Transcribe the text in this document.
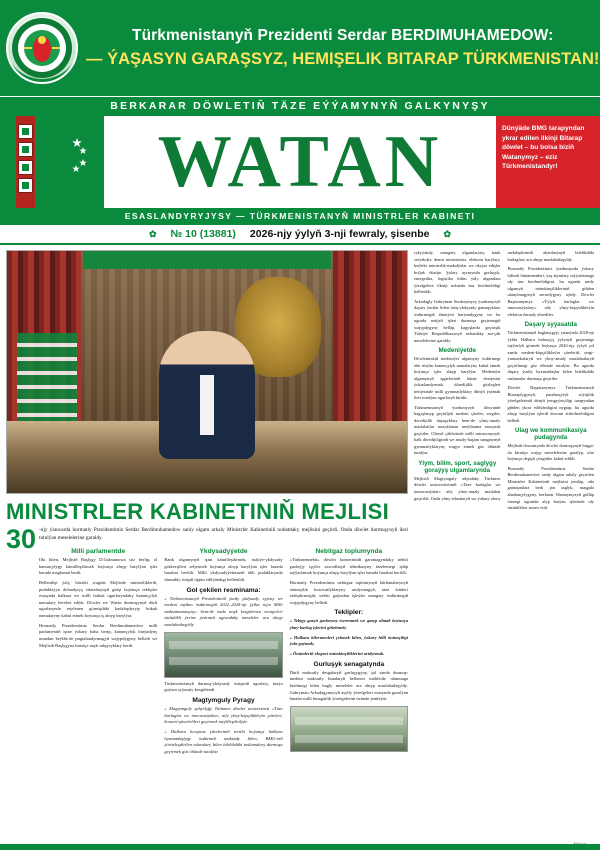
Türkmenistanyň Prezidenti Serdar BERDIMUHAMEDOW:
— ÝAŞASYN GARAŞSYZ, HEMIŞELIK BITARAP TÜRKMENISTAN!
BERKARAR DÖWLETIŇ TÄZE EÝÝAMYNYŇ GALKYNYŞY
WATAN	Dünýäde BMG tarapyndan ykrar edilen ilkinji Bitarap döwlet – bu bolsa biziň Watanymyz – eziz Türkmenistandyr!
ESASLANDYRYJYSY — TÜRKMENISTANYŇ MINISTRLER KABINETI
✿ № 10 (13881) 2026-njy ýylyň 3-nji fewraly, şisenbe ✿
MINISTRLER KABINETINIŇ MEJLISI
30 -njy ýanwarda hormatly Prezidentimiz Serdar Berdimuhamedow sanly ulgam arkaly Ministrler Kabinetiniň nobatdaky mejlisini geçirdi. Onda döwlet durmuşynyň ileri tutulýan meselelerine garaldy.
Milli parlamentde

Ilki bilen, Mejlisiň Başlygy D.Gulmanowa söz berlip, ol kanunçylygy kämilleşdirmek boýunça alnyp barylýan işler barada maglumat berdi.

Bellenilişi ýaly, häzirki wagtda Mejlisde ministrlikleriň, pudaklaýyn dolandyryş edaralarynyň girişi boýunça teklipler esasynda halkara we milli hukuk ugurlaryndaky kanunçylyk namalary hereket edýär. Döwlet we Watan durmuşynyň dürli ugurlarynda rejelenen görnüşdäki kadalaşdyryjy hukuk namalaryny kabul etmek boýunça iş alnyp barylýar.

Hormatly Prezidentimiz Serdar Berdimuhamedow milli parlamentiň işine ýokary baha berip, kanunçylyk binýadyny mundan beýläk-de pugtalandyrmagyň wajypdygyny belledi we Mejlisiň Başlygyna birnäçe anyk tabşyryklary berdi.

Ykdysadyýetde

Bank ulgamynyň işini kämilleşdirmek, maliýe-ykdysady görkezijileri seljermek boýunça alnyp barylýan işler barada hasabat berildi. Milli ykdysadyýetimiziň ähli pudaklarynda durnukly ösüşiň üpjün edilýändigi bellenildi.

Gol çekilen resminama:

« Türkmenistanyň Prezidentiniň ýurdy ykdysady, syýasy we medeni taýdan ösdürmegiň 2022–2028-nji ýyllar üçin Milli maksatnamasyny» hem-de onda anyk kesgitlenen wezipeleri üstünlikli ýerine ýetirmek ugrundaky meseleler ara alnyp maslahatlaşyldy.

Türkmenistanyň durmuş-ykdysady ösüşiniň ugurlary, maýa goýum syýasaty kesgitlendi.

Magtymguly Pyragy

« Magtymguly şahyrlyğy Türkmen döwlet uniwersiteti «Täze barlaglar we innowasiýalar» atly ylmy-köpçülikleýin çäreleri, konsert-şüweleňleri geçirmek meýilleşdirilýär.

« Halkara howpsuz çäreleriniň tertibi boýunça halkara hyzmatdaşlygy ösdürmek maksady bilen, BMG-niň ýöriteleşdirilen edaralary bilen bilelikdäki taslamalary durmuşa geçirmek göz öňünde tutulýar.

Nebitgaz toplumynda

«Türkmennebit» döwlet konserniniň garamagyndaky nebiti gazlaýjy işçiler zawodlaryň tehnikasyny täzelemegi işläp taýýarlamak boýunça alnyp barylýan işler barada hasabat berildi.

Hormatly Prezidentimiz nebitgaz toplumynyň kärhanalarynyň önümçilik kuwwatlyklaryny artdyrmagyň, täze känleri özleşdirmegiň, nebiti gaýtadan işleýän senagaty ösdürmegiň wajypdygyny belledi.

Teklipler:

« Tebigy gazyň gorlaryny öwrenmek we gazyp almak boýunça ylmy-barlag işlerini giňeltmek;

« Halkara bilermenleri çekmek bilen, ýokary hilli önümçiligi ýola goýmak;

« Önümleriň eksport mümkinçiliklerini artdyrmak.

Gurluşyk senagatynda

Dürli maksatly desgalaryň gurluşygyny, şol sanda durmuş-medeni maksatly binalaryň bellenen möhletde ulanmaga berilmegi bilen bagly meseleler ara alnyp maslahatlaşyldy. Gahryman Arkadagymyzyň asylly ýörelgeleri esasynda gurulýan binalar milli binagärlik ýörelgelerini özünde jemleýär.

rykyýakdy, senagaty ulgamlaryny, bank serýakdyr, demir ministrimiz, elektron barýlary, beýleki ministrlik-makalýalar we okyşar edişler boljak düzüje. Şolary ayrasynda gurluşyk, energetika, logistika bilim ýaly ulgamlara ýörelgelere ilkinji nobatda üns berilmelidigi bellenildi.

Arkadagly Gahryman Serdarymyzy ýurdumyzyň daşary ýurtlar bilen ösüş-ykdysady gatnaşyklary ösdürmegiň ähmiýeti barýandygyny we bu ugurda netijeli işleri durmuşa geçirmegiň wajypdygyny belläp, kagyşlarda geçirişik Türkiýe Respublikasynyň nobatdaky ara-çäk meselelerine garaldy.

Medeniýetde

Döwletimiziň medeniýet ulgamyny ösdürmegi öňe sürýän kanunçylyk namalaryny kabul etmek boýunça işler alnyp barylýar. Medeniýet ulgamynyň işgärleriniň hünär derejesini ýokarlandyrmak, döredijilik gözlegleri netijesinde milli gymmatlyklary dünýä ýaýmak ileri tutulýan ugurlaryň biridir.

Türkmenistanyň ýurdumyzyň döwrüniň bagyşlanyp geçiriljek medeni çäreler, sergiler, döredijilik duşuşyklary hem-de ylmy-amaly maslahatlar tassyklanan meýilnama esasynda geçiriler. Olaryň çäklerinde milli mirasymyzyň, halk döredijiliginiň we amaly-haşam sungatynyň gymmatlyklaryny wagyz etmek göz öňünde tutulýar.

Ylym, bilim, sport, saglygy goraýyş ulgamlarynda

Mejlisiň Magtymguly adyndaky Türkmen döwlet uniwersitetiniň «Täze barlaglar we innowasiýalar» atly ylmy-amaly maslahat geçirildi. Onda ylmy edaralaryň we ýokary okuw mekdepleriniň alymlarynyň bilelikdäki barlaglary ara alnyp maslahatlaşyldy.

Hormatly Prezidentimiz ýurdumyzda ýokary bilimli hünärmenleri, ýaş alymlary taýýarlamaga uly üns berilmelidigini, bu ugurda sanly ulgamyň mümkinçilikleriniň giňden ulanylmagynyň zerurdygyny aýtdy. Döwlet Baştutanymyz «Ýylyň barlaglar we innowasiýalary» atly ylmy-köpçülikleýin elektron žurnaly dörediler.

Daşary syýasatda

Türkmenistanyň baglanygyjy ynanýada 2028-nji ýylda Halkara habarçyş ýylynyň geçirmäge taýýarlyk görmek boýunça 2026-njy ýylyň şol sanda medeni-köpçülikleýin çäreleriň, sergi-ýarmarkalaryň we ylmy-amaly maslahatlaryň geçirilmegi göz öňünde tutulýar. Bu ugurda daşary ýurtly hyzmatdaşlar bilen bilelikdäki taslamalar durmuşa geçiriler.

Döwlet Baştutanymyz Türkmenistanyň Bitaraplygynyň, parahatçylyk söýüjilik ýörelgeleriniň dünýä jemgyýetçiligi tarapyndan giňden ykrar edilýändigini nygtap, bu ugurda alnyp barylýan işleriň dowam etdirilmelidigini belledi.

Ulag we kommunikasiýa pudagynda

Mejlisiň dowamynda döwlet durmuşynyň başga-da birnäçe wajyp meselelerine garalyp, olar boýunça degişli çözgütler kabul edildi.

Hormatly Prezidentimiz Serdar Berdimuhamedow sanly ulgam arkaly geçirilen Ministrler Kabinetiniň mejlisini jemläp, oňa gatnaşanlara berk jan saglyk, maşgala abadançylygyny, berkarar Watanymyzyň gülläp ösmegi ugrunda alyp barýan işlerinde uly üstünlikleri arzuw etdi.
